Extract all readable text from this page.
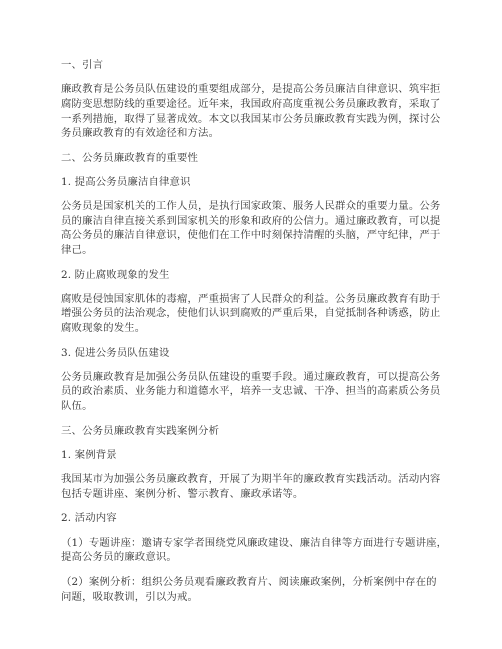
一、引言
廉政教育是公务员队伍建设的重要组成部分，是提高公务员廉洁自律意识、筑牢拒
腐防变思想防线的重要途径。近年来，我国政府高度重视公务员廉政教育，采取了
一系列措施，取得了显著成效。本文以我国某市公务员廉政教育实践为例，探讨公
务员廉政教育的有效途径和方法。
二、公务员廉政教育的重要性
1. 提高公务员廉洁自律意识
公务员是国家机关的工作人员，是执行国家政策、服务人民群众的重要力量。公务
员的廉洁自律直接关系到国家机关的形象和政府的公信力。通过廉政教育，可以提
高公务员的廉洁自律意识，使他们在工作中时刻保持清醒的头脑，严守纪律，严于
律己。
2. 防止腐败现象的发生
腐败是侵蚀国家肌体的毒瘤，严重损害了人民群众的利益。公务员廉政教育有助于
增强公务员的法治观念，使他们认识到腐败的严重后果，自觉抵制各种诱惑，防止
腐败现象的发生。
3. 促进公务员队伍建设
公务员廉政教育是加强公务员队伍建设的重要手段。通过廉政教育，可以提高公务
员的政治素质、业务能力和道德水平，培养一支忠诚、干净、担当的高素质公务员
队伍。
三、公务员廉政教育实践案例分析
1. 案例背景
我国某市为加强公务员廉政教育，开展了为期半年的廉政教育实践活动。活动内容
包括专题讲座、案例分析、警示教育、廉政承诺等。
2. 活动内容
（1）专题讲座：邀请专家学者围绕党风廉政建设、廉洁自律等方面进行专题讲座，
提高公务员的廉政意识。
（2）案例分析：组织公务员观看廉政教育片、阅读廉政案例，分析案例中存在的
问题，吸取教训，引以为戒。
